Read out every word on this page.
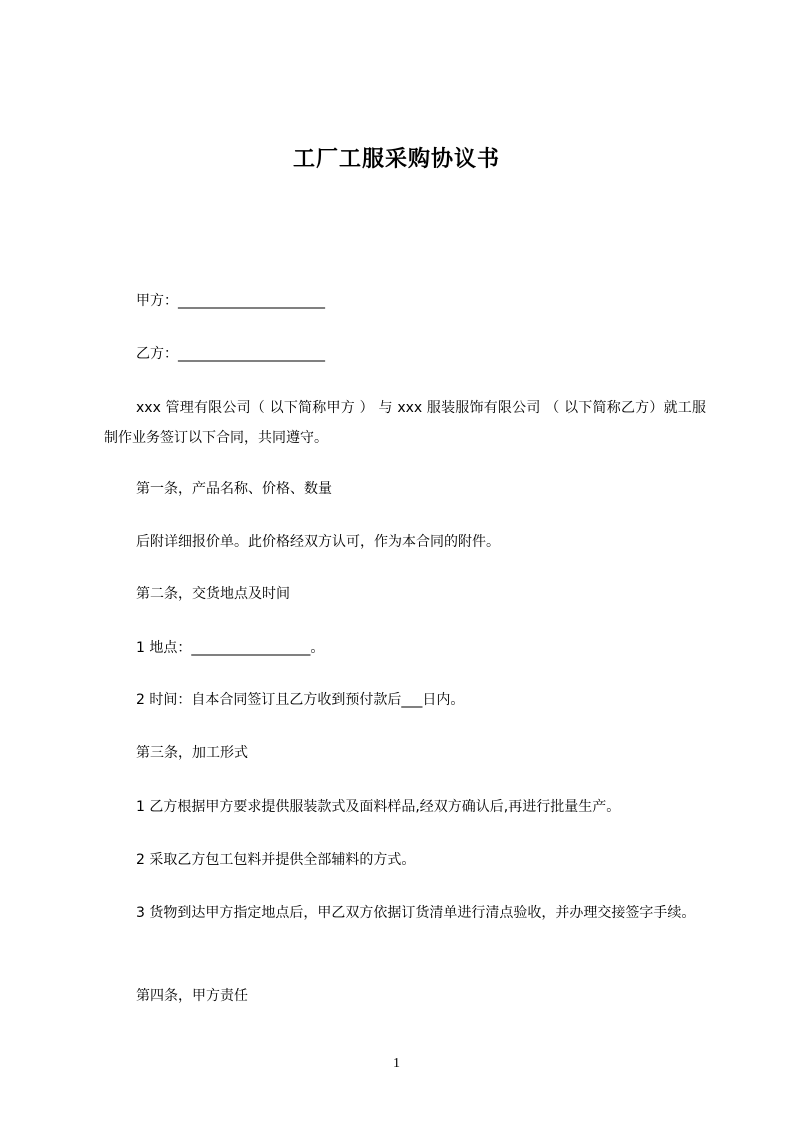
工厂工服采购协议书
甲方：_____________________
乙方：_____________________
xxx 管理有限公司（ 以下简称甲方 ） 与 xxx 服装服饰有限公司 （ 以下简称乙方）就工服制作业务签订以下合同，共同遵守。
第一条，产品名称、价格、数量
后附详细报价单。此价格经双方认可，作为本合同的附件。
第二条，交货地点及时间
1 地点：_________________。
2 时间：自本合同签订且乙方收到预付款后___日内。
第三条，加工形式
1 乙方根据甲方要求提供服装款式及面料样品,经双方确认后,再进行批量生产。
2 采取乙方包工包料并提供全部辅料的方式。
3 货物到达甲方指定地点后，甲乙双方依据订货清单进行清点验收，并办理交接签字手续。
第四条，甲方责任
1
